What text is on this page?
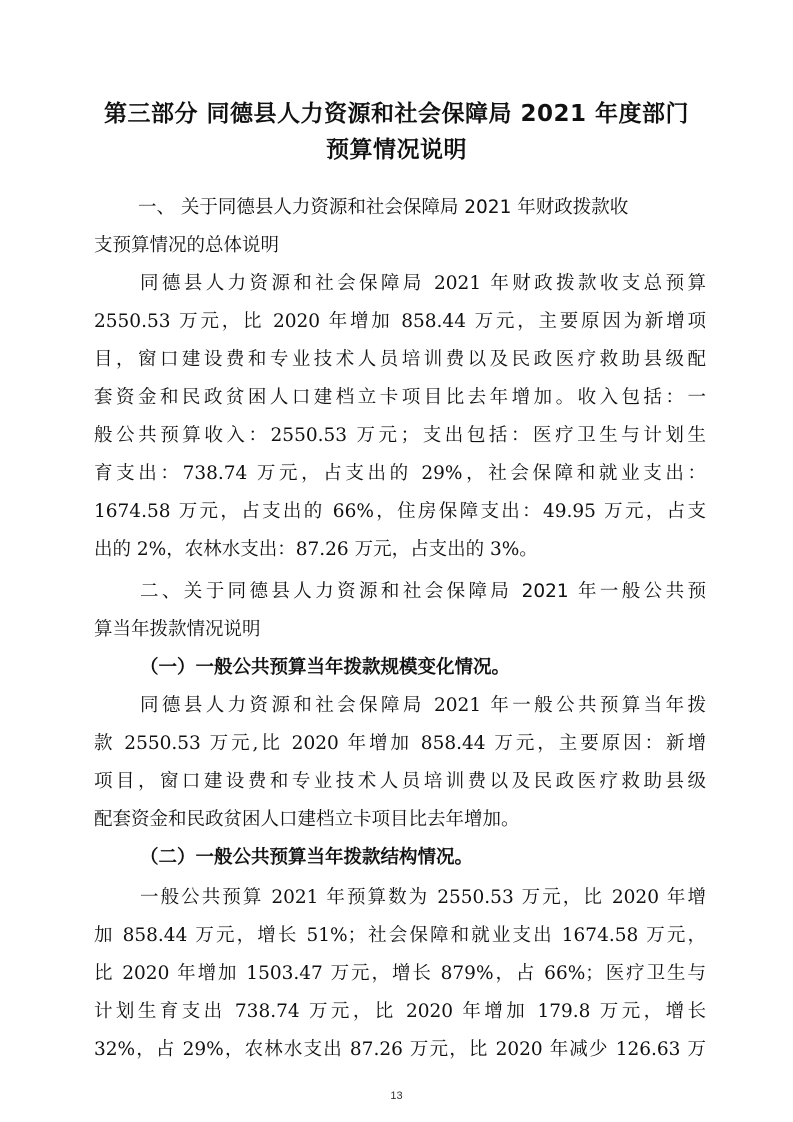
第三部分 同德县人力资源和社会保障局 2021 年度部门
预算情况说明
一、 关于同德县人力资源和社会保障局 2021 年财政拨款收
支预算情况的总体说明
同德县人力资源和社会保障局 2021 年财政拨款收支总预算
2550.53 万元，比 2020 年增加 858.44 万元，主要原因为新增项
目，窗口建设费和专业技术人员培训费以及民政医疗救助县级配
套资金和民政贫困人口建档立卡项目比去年增加。收入包括：一
般公共预算收入：2550.53 万元；支出包括：医疗卫生与计划生
育支出：738.74 万元，占支出的 29%，社会保障和就业支出：
1674.58 万元，占支出的 66%，住房保障支出：49.95 万元，占支
出的 2%，农林水支出：87.26 万元，占支出的 3%。
二、关于同德县人力资源和社会保障局 2021 年一般公共预
算当年拨款情况说明
（一）一般公共预算当年拨款规模变化情况。
同德县人力资源和社会保障局 2021 年一般公共预算当年拨
款 2550.53 万元,比 2020 年增加 858.44 万元，主要原因：新增
项目，窗口建设费和专业技术人员培训费以及民政医疗救助县级
配套资金和民政贫困人口建档立卡项目比去年增加。
（二）一般公共预算当年拨款结构情况。
一般公共预算 2021 年预算数为 2550.53 万元，比 2020 年增
加 858.44 万元，增长 51%；社会保障和就业支出 1674.58 万元，
比 2020 年增加 1503.47 万元，增长 879%，占 66%；医疗卫生与
计划生育支出 738.74 万元，比 2020 年增加 179.8 万元，增长
32%，占 29%，农林水支出 87.26 万元，比 2020 年减少 126.63 万
13
